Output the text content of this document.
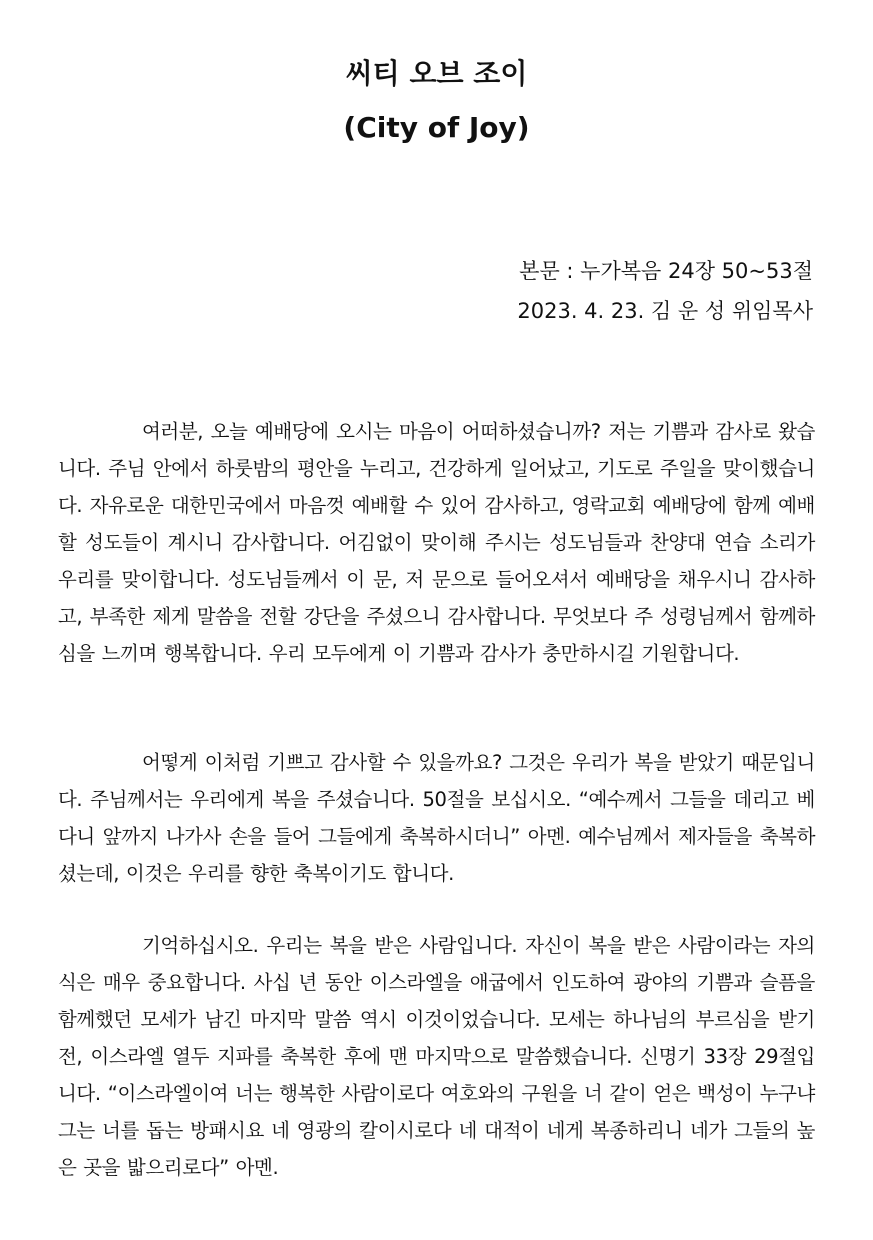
씨티 오브 조이
(City of Joy)
본문 : 누가복음 24장 50~53절
2023. 4. 23. 김 운 성 위임목사

여러분, 오늘 예배당에 오시는 마음이 어떠하셨습니까? 저는 기쁨과 감사로 왔습니다. 주님 안에서 하룻밤의 평안을 누리고, 건강하게 일어났고, 기도로 주일을 맞이했습니다. 자유로운 대한민국에서 마음껏 예배할 수 있어 감사하고, 영락교회 예배당에 함께 예배할 성도들이 계시니 감사합니다. 어김없이 맞이해 주시는 성도님들과 찬양대 연습 소리가 우리를 맞이합니다. 성도님들께서 이 문, 저 문으로 들어오셔서 예배당을 채우시니 감사하고, 부족한 제게 말씀을 전할 강단을 주셨으니 감사합니다. 무엇보다 주 성령님께서 함께하심을 느끼며 행복합니다. 우리 모두에게 이 기쁨과 감사가 충만하시길 기원합니다.

어떻게 이처럼 기쁘고 감사할 수 있을까요? 그것은 우리가 복을 받았기 때문입니다. 주님께서는 우리에게 복을 주셨습니다. 50절을 보십시오. “예수께서 그들을 데리고 베다니 앞까지 나가사 손을 들어 그들에게 축복하시더니” 아멘. 예수님께서 제자들을 축복하셨는데, 이것은 우리를 향한 축복이기도 합니다.

기억하십시오. 우리는 복을 받은 사람입니다. 자신이 복을 받은 사람이라는 자의식은 매우 중요합니다. 사십 년 동안 이스라엘을 애굽에서 인도하여 광야의 기쁨과 슬픔을 함께했던 모세가 남긴 마지막 말씀 역시 이것이었습니다. 모세는 하나님의 부르심을 받기 전, 이스라엘 열두 지파를 축복한 후에 맨 마지막으로 말씀했습니다. 신명기 33장 29절입니다. “이스라엘이여 너는 행복한 사람이로다 여호와의 구원을 너 같이 얻은 백성이 누구냐 그는 너를 돕는 방패시요 네 영광의 칼이시로다 네 대적이 네게 복종하리니 네가 그들의 높은 곳을 밟으리로다” 아멘.
